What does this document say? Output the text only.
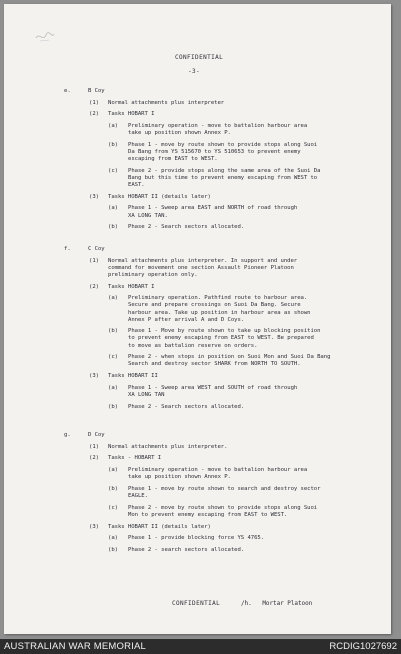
CONFIDENTIAL
-3-
e.	B Coy
(1) Normal attachments plus interpreter
(2) Tasks HOBART I
(a) Preliminary operation - move to battalion harbour area
take up position shown Annex P.
(b) Phase 1 - move by route shown to provide stops along Suoi
Da Bang from YS 515670 to YS 510653 to prevent enemy
escaping from EAST to WEST.
(c) Phase 2 - provide stops along the same area of the Suoi Da
Bang but this time to prevent enemy escaping from WEST to
EAST.
(3) Tasks HOBART II (details later)
(a) Phase 1 - Sweep area EAST and NORTH of road through
XA LONG TAN.
(b) Phase 2 - Search sectors allocated.
f.	C Coy
(1) Normal attachments plus interpreter. In support and under
command for movement one section Assault Pioneer Platoon
preliminary operation only.
(2) Tasks HOBART I
(a) Preliminary operation. Pathfind route to harbour area.
Secure and prepare crossings on Suoi Da Bang. Secure
harbour area. Take up position in harbour area as shown
Annex P after arrival A and D Coys.
(b) Phase 1 - Move by route shown to take up blocking position
to prevent enemy escaping from EAST to WEST. Be prepared
to move as battalion reserve on orders.
(c) Phase 2 - when stops in position on Suoi Mon and Suoi Da Bang
Search and destroy sector SHARK from NORTH TO SOUTH.
(3) Tasks HOBART II
(a) Phase 1 - Sweep area WEST and SOUTH of road through
XA LONG TAN
(b) Phase 2 - Search sectors allocated.
g.	D Coy
(1) Normal attachments plus interpreter.
(2) Tasks - HOBART I
(a) Preliminary operation - move to battalion harbour area
take up position shown Annex P.
(b) Phase 1 - move by route shown to search and destroy sector
EAGLE.
(c) Phase 2 - move by route shown to provide stops along Suoi
Mon to prevent enemy escaping from EAST to WEST.
(3) Tasks HOBART II (details later)
(a) Phase 1 - provide blocking force YS 4765.
(b) Phase 2 - search sectors allocated.
CONFIDENTIAL	/h.   Mortar Platoon
AUSTRALIAN WAR MEMORIAL	RCDIG1027692
